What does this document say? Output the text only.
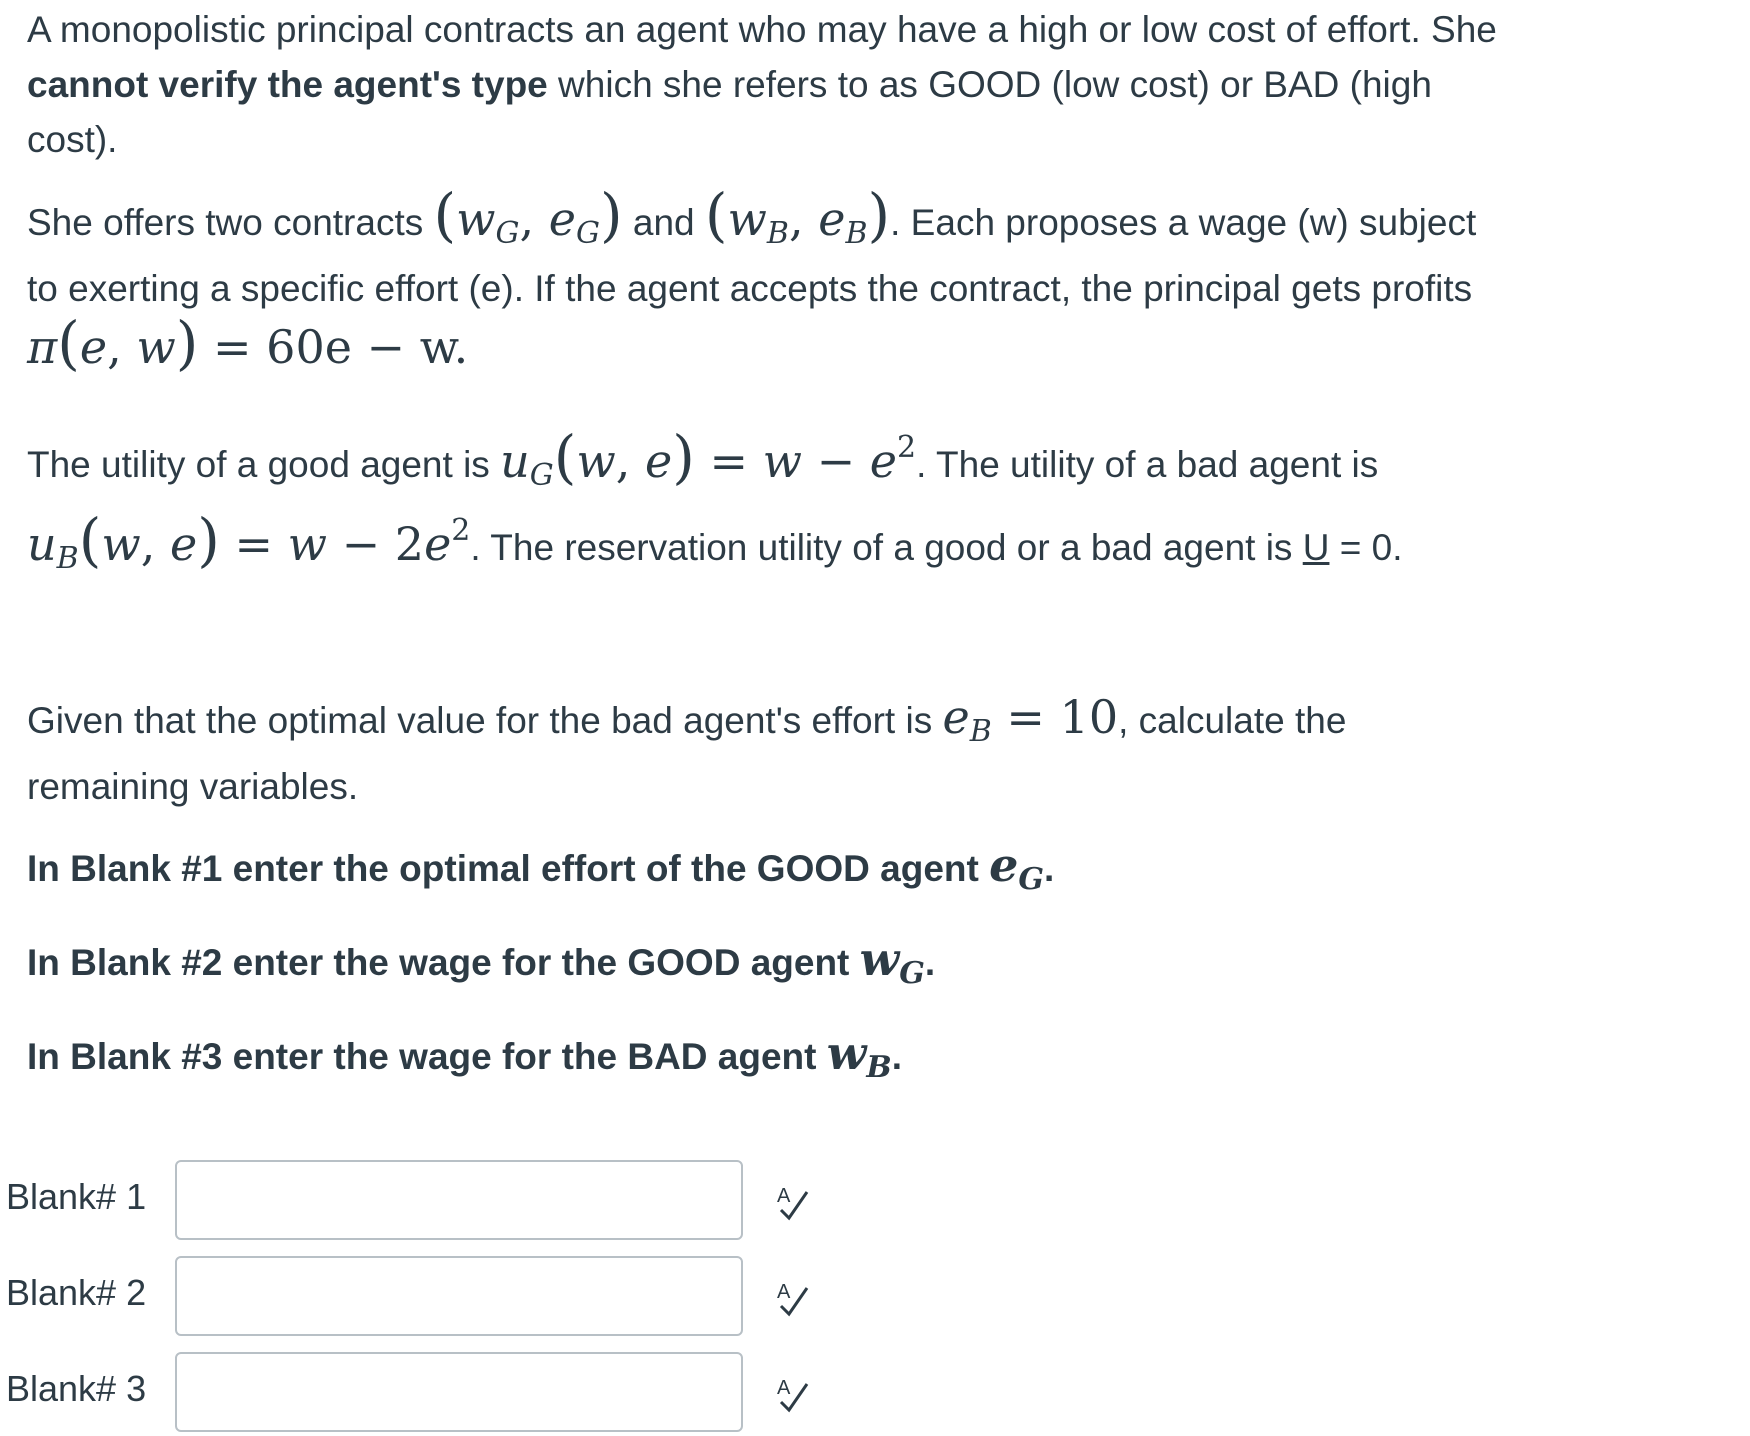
A monopolistic principal contracts an agent who may have a high or low cost of effort. She cannot verify the agent's type which she refers to as GOOD (low cost) or BAD (high cost).

She offers two contracts ($w_G$, $e_G$) and ($w_B$, $e_B$). Each proposes a wage (w) subject to exerting a specific effort (e). If the agent accepts the contract, the principal gets profits π(e, w) = 60e − w.

The utility of a good agent is $u_G(w$, $e) = w - e^2$. The utility of a bad agent is $u_B(w$, $e) = w - 2e^2$. The reservation utility of a good or a bad agent is U = 0.

Given that the optimal value for the bad agent's effort is $e_B = 10$, calculate the remaining variables.

In Blank #1 enter the optimal effort of the GOOD agent $e_G$.

In Blank #2 enter the wage for the GOOD agent $w_G$.

In Blank #3 enter the wage for the BAD agent $w_B$.

Blank# 1	A
Blank# 2	A
Blank# 3	A
